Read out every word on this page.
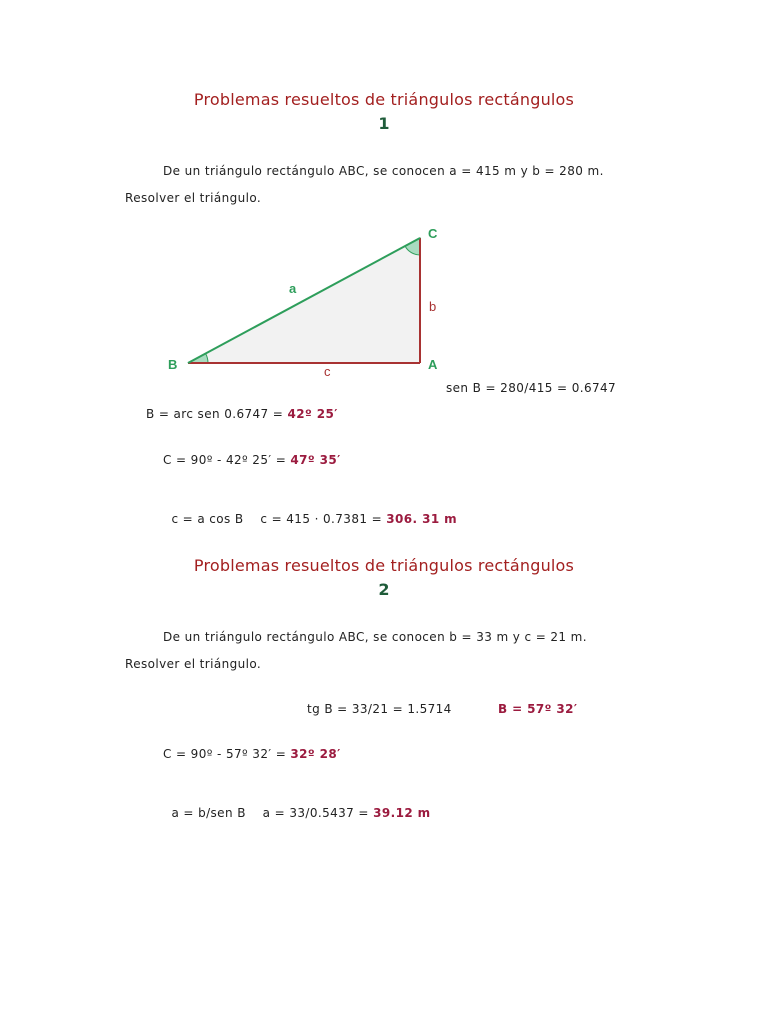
Problemas resueltos de triángulos rectángulos
1
De un triángulo rectángulo ABC, se conocen a = 415 m y b = 280 m.
Resolver el triángulo.
B
C
A
a
b
c
sen B = 280/415 = 0.6747
B = arc sen 0.6747 = 42º 25′
C = 90º - 42º 25′ = 47º 35′

c = a cos B    c = 415 · 0.7381 = 306. 31 m

Problemas resueltos de triángulos rectángulos
2
De un triángulo rectángulo ABC, se conocen b = 33 m y c = 21 m.
Resolver el triángulo.
tg B = 33/21 = 1.5714	B = 57º 32′
C = 90º - 57º 32′ = 32º 28′

a = b/sen B    a = 33/0.5437 = 39.12 m
